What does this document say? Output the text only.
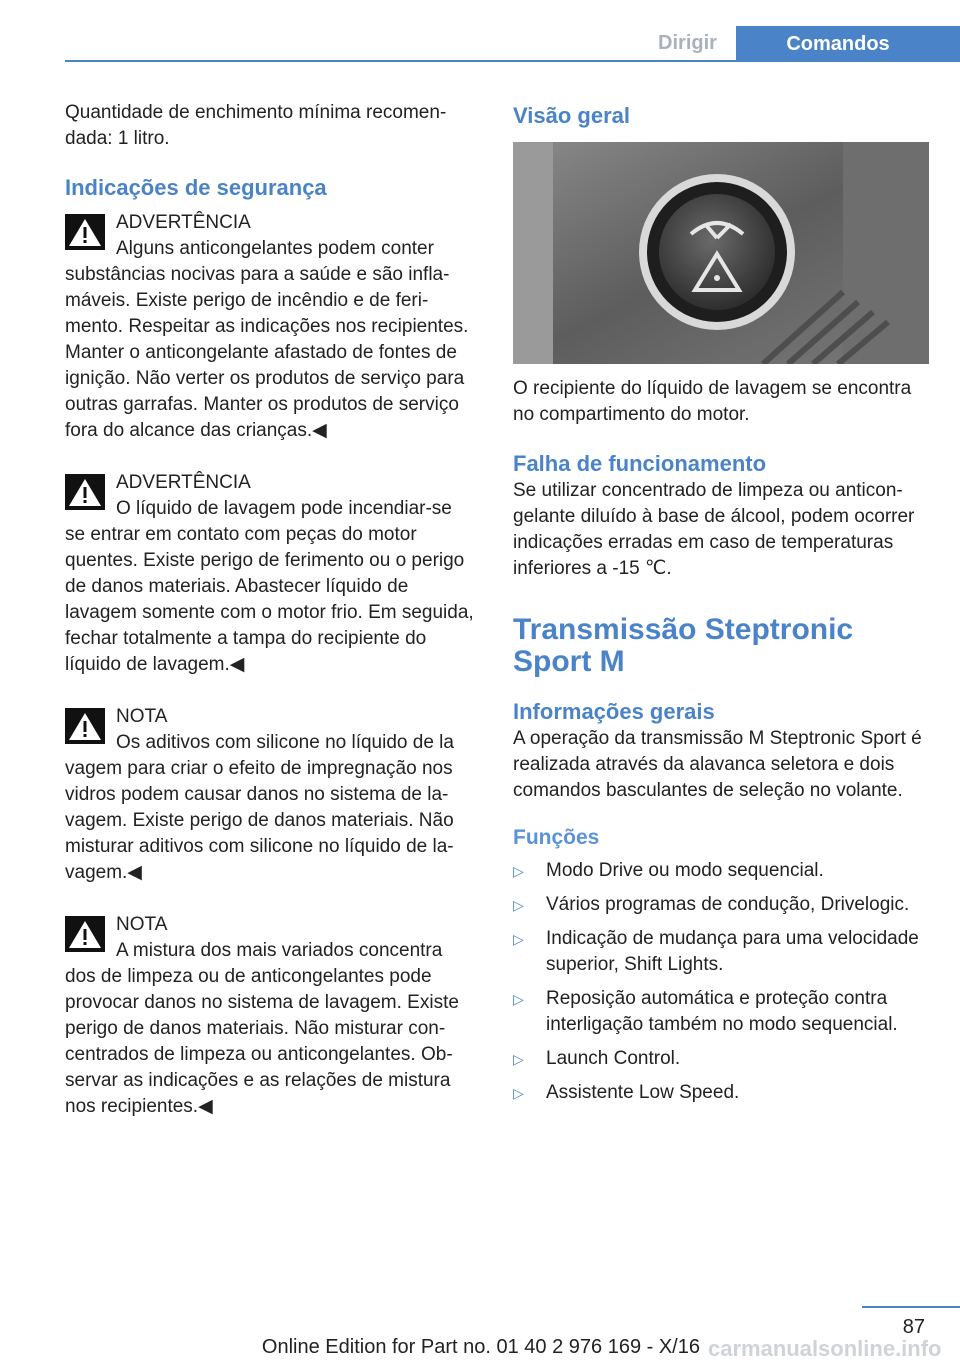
Dirigir	Comandos

Quantidade de enchimento mínima recomendada: 1 litro.

Indicações de segurança

ADVERTÊNCIA
Alguns anticongelantes podem conter

substâncias nocivas para a saúde e são inflamáveis. Existe perigo de incêndio e de ferimento. Respeitar as indicações nos recipientes. Manter o anticongelante afastado de fontes de ignição. Não verter os produtos de serviço para outras garrafas. Manter os produtos de serviço fora do alcance das crianças.◀

ADVERTÊNCIA
O líquido de lavagem pode incendiar-se

se entrar em contato com peças do motor quentes. Existe perigo de ferimento ou o perigo de danos materiais. Abastecer líquido de lavagem somente com o motor frio. Em seguida, fechar totalmente a tampa do recipiente do líquido de lavagem.◀

NOTA
Os aditivos com silicone no líquido de la

vagem para criar o efeito de impregnação nos vidros podem causar danos no sistema de lavagem. Existe perigo de danos materiais. Não misturar aditivos com silicone no líquido de lavagem.◀

NOTA
A mistura dos mais variados concentra

dos de limpeza ou de anticongelantes pode provocar danos no sistema de lavagem. Existe perigo de danos materiais. Não misturar concentrados de limpeza ou anticongelantes. Observar as indicações e as relações de mistura nos recipientes.◀

Visão geral

O recipiente do líquido de lavagem se encontra no compartimento do motor.

Falha de funcionamento

Se utilizar concentrado de limpeza ou anticongelante diluído à base de álcool, podem ocorrer indicações erradas em caso de temperaturas inferiores a -15 ℃.

Transmissão Steptronic Sport M

Informações gerais

A operação da transmissão M Steptronic Sport é realizada através da alavanca seletora e dois comandos basculantes de seleção no volante.

Funções

▷ Modo Drive ou modo sequencial.
▷ Vários programas de condução, Drivelogic.
▷ Indicação de mudança para uma velocidade superior, Shift Lights.
▷ Reposição automática e proteção contra interligação também no modo sequencial.
▷ Launch Control.
▷ Assistente Low Speed.
87
Online Edition for Part no. 01 40 2 976 169 - X/16 carmanualsonline.info
